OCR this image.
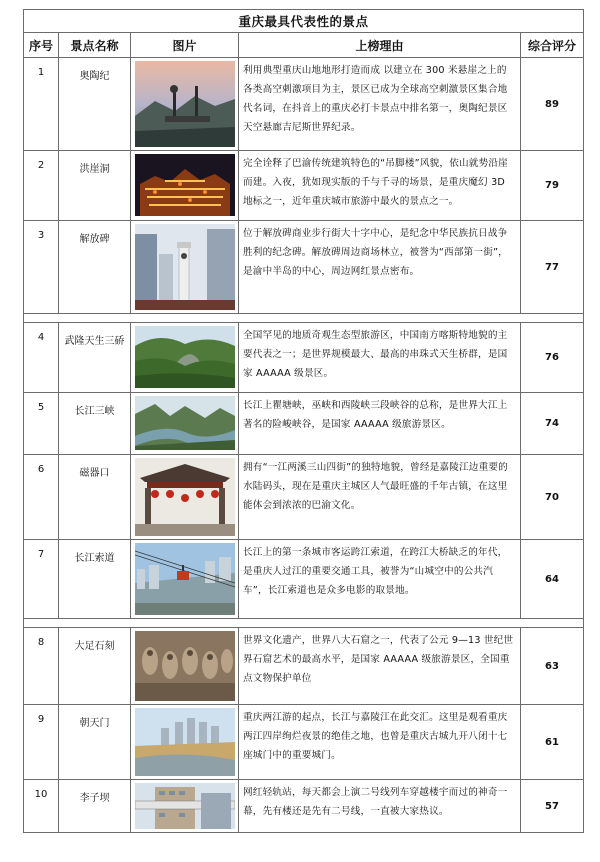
重庆最具代表性的景点				
序号	景点名称	图片	上榜理由	综合评分
1	奥陶纪		利用典型重庆山地地形打造而成 以建立在 300 米悬崖之上的各类高空刺激项目为主，景区已成为全球高空刺激景区集合地代名词，在抖音上的重庆必打卡景点中排名第一，奥陶纪景区天空悬廊吉尼斯世界纪录。	89
2	洪崖洞		完全诠释了巴渝传统建筑特色的“吊脚楼”风貌，依山就势沿崖而建。入夜，犹如现实版的千与千寻的场景，是重庆魔幻 3D 地标之一，近年重庆城市旅游中最火的景点之一。	79
3	解放碑		位于解放碑商业步行街大十字中心，是纪念中华民族抗日战争胜利的纪念碑。解放碑周边商场林立，被誉为“西部第一街”，是渝中半岛的中心，周边网红景点密布。	77

4	武隆天生三硚		全国罕见的地质奇观生态型旅游区，中国南方喀斯特地貌的主要代表之一；是世界规模最大、最高的串珠式天生桥群，是国家 AAAAA 级景区。	76
5	长江三峡		长江上瞿塘峡，巫峡和西陵峡三段峡谷的总称，是世界大江上著名的险峻峡谷，是国家 AAAAA 级旅游景区。	74
6	磁器口		拥有“一江两溪三山四街”的独特地貌，曾经是嘉陵江边重要的水陆码头，现在是重庆主城区人气最旺盛的千年古镇，在这里能体会到浓浓的巴渝文化。	70
7	长江索道		长江上的第一条城市客运跨江索道，在跨江大桥缺乏的年代，是重庆人过江的重要交通工具，被誉为“山城空中的公共汽车”，长江索道也是众多电影的取景地。	64

8	大足石刻		世界文化遗产，世界八大石窟之一，代表了公元 9—13 世纪世界石窟艺术的最高水平，是国家 AAAAA 级旅游景区，全国重点文物保护单位	63
9	朝天门		重庆两江游的起点，长江与嘉陵江在此交汇。这里是观看重庆两江四岸绚烂夜景的绝佳之地，也曾是重庆古城九开八闭十七座城门中的重要城门。	61
10	李子坝		网红轻轨站，每天都会上演二号线列车穿越楼宇而过的神奇一幕，先有楼还是先有二号线，一直被大家热议。	57
